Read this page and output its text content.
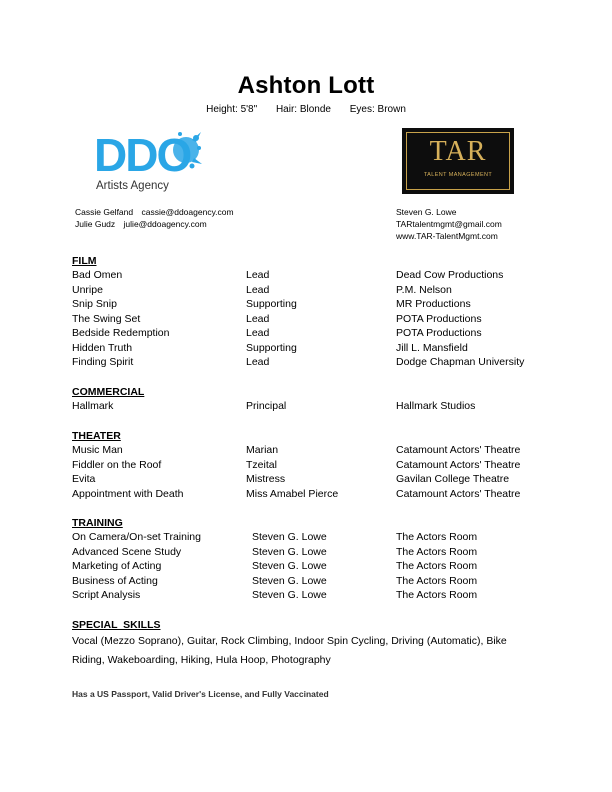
Ashton Lott
Height: 5'8" Hair: Blonde Eyes: Brown
DDO
Artists Agency
TAR
TALENT MANAGEMENT
Cassie Gelfand cassie@ddoagency.com
Julie Gudz julie@ddoagency.com
Steven G. Lowe
TARtalentmgmt@gmail.com
www.TAR-TalentMgmt.com
FILM
Bad Omen	Lead	Dead Cow Productions
Unripe	Lead	P.M. Nelson
Snip Snip	Supporting	MR Productions
The Swing Set	Lead	POTA Productions
Bedside Redemption	Lead	POTA Productions
Hidden Truth	Supporting	Jill L. Mansfield
Finding Spirit	Lead	Dodge Chapman University
COMMERCIAL
Hallmark	Principal	Hallmark Studios
THEATER
Music Man	Marian	Catamount Actors' Theatre
Fiddler on the Roof	Tzeital	Catamount Actors' Theatre
Evita	Mistress	Gavilan College Theatre
Appointment with Death	Miss Amabel Pierce	Catamount Actors' Theatre
TRAINING
On Camera/On-set Training	Steven G. Lowe	The Actors Room
Advanced Scene Study	Steven G. Lowe	The Actors Room
Marketing of Acting	Steven G. Lowe	The Actors Room
Business of Acting	Steven G. Lowe	The Actors Room
Script Analysis	Steven G. Lowe	The Actors Room
SPECIAL  SKILLS
Vocal (Mezzo Soprano), Guitar, Rock Climbing, Indoor Spin Cycling, Driving (Automatic), Bike Riding, Wakeboarding, Hiking, Hula Hoop, Photography
Has a US Passport, Valid Driver's License, and Fully Vaccinated
